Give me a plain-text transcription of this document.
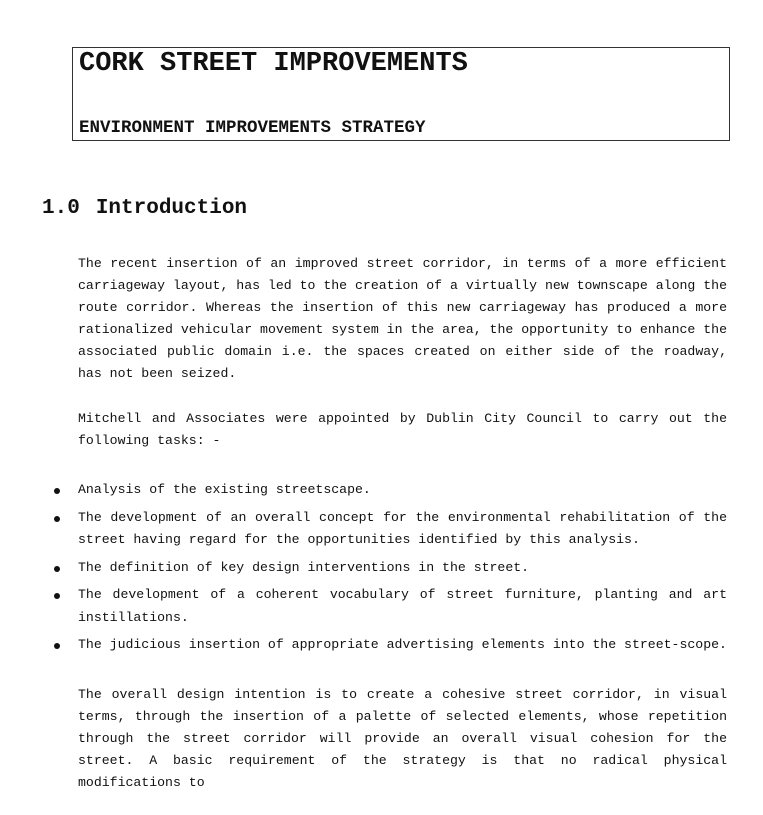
CORK STREET IMPROVEMENTS
ENVIRONMENT IMPROVEMENTS STRATEGY
1.0 Introduction

The recent insertion of an improved street corridor, in terms of a more efficient carriageway layout, has led to the creation of a virtually new townscape along the route corridor. Whereas the insertion of this new carriageway has produced a more rationalized vehicular movement system in the area, the opportunity to enhance the associated public domain i.e. the spaces created on either side of the roadway, has not been seized.

Mitchell and Associates were appointed by Dublin City Council to carry out the following tasks: -

Analysis of the existing streetscape.
The development of an overall concept for the environmental rehabilitation of the street having regard for the opportunities identified by this analysis.
The definition of key design interventions in the street.
The development of a coherent vocabulary of street furniture, planting and art instillations.
The judicious insertion of appropriate advertising elements into the street-scope.

The overall design intention is to create a cohesive street corridor, in visual terms, through the insertion of a palette of selected elements, whose repetition through the street corridor will provide an overall visual cohesion for the street. A basic requirement of the strategy is that no radical physical modifications to
